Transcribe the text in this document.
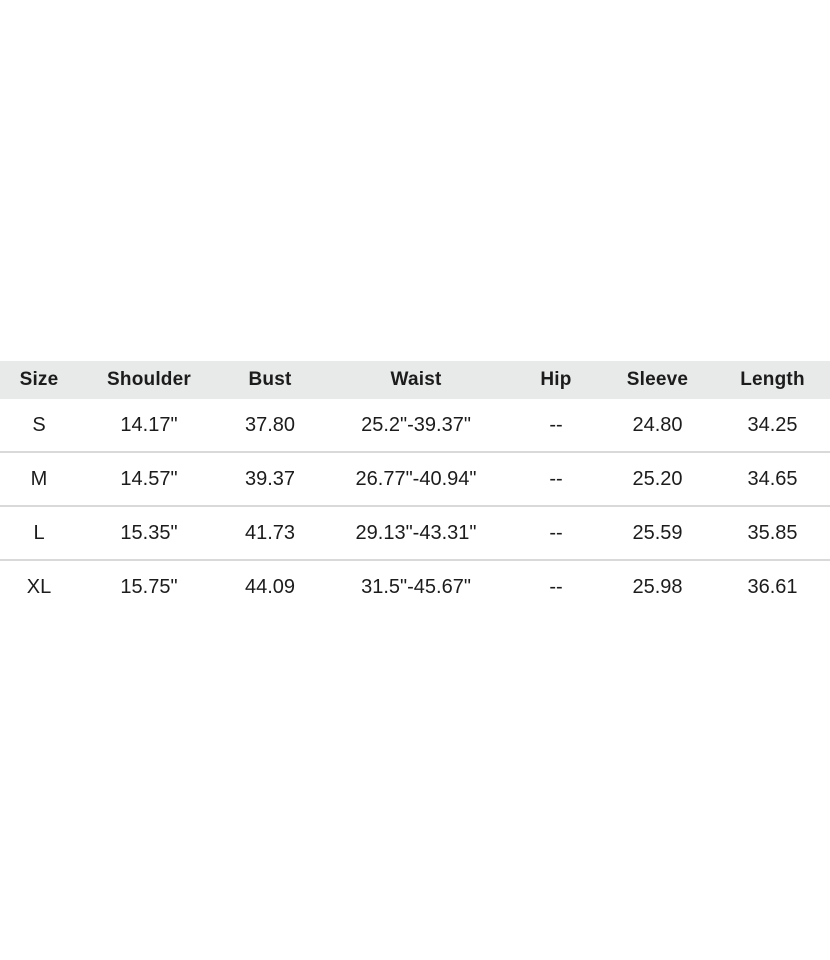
Size	Shoulder	Bust	Waist	Hip	Sleeve	Length
S	14.17"	37.80	25.2"-39.37"	--	24.80	34.25
M	14.57"	39.37	26.77"-40.94"	--	25.20	34.65
L	15.35"	41.73	29.13"-43.31"	--	25.59	35.85
XL	15.75"	44.09	31.5"-45.67"	--	25.98	36.61
